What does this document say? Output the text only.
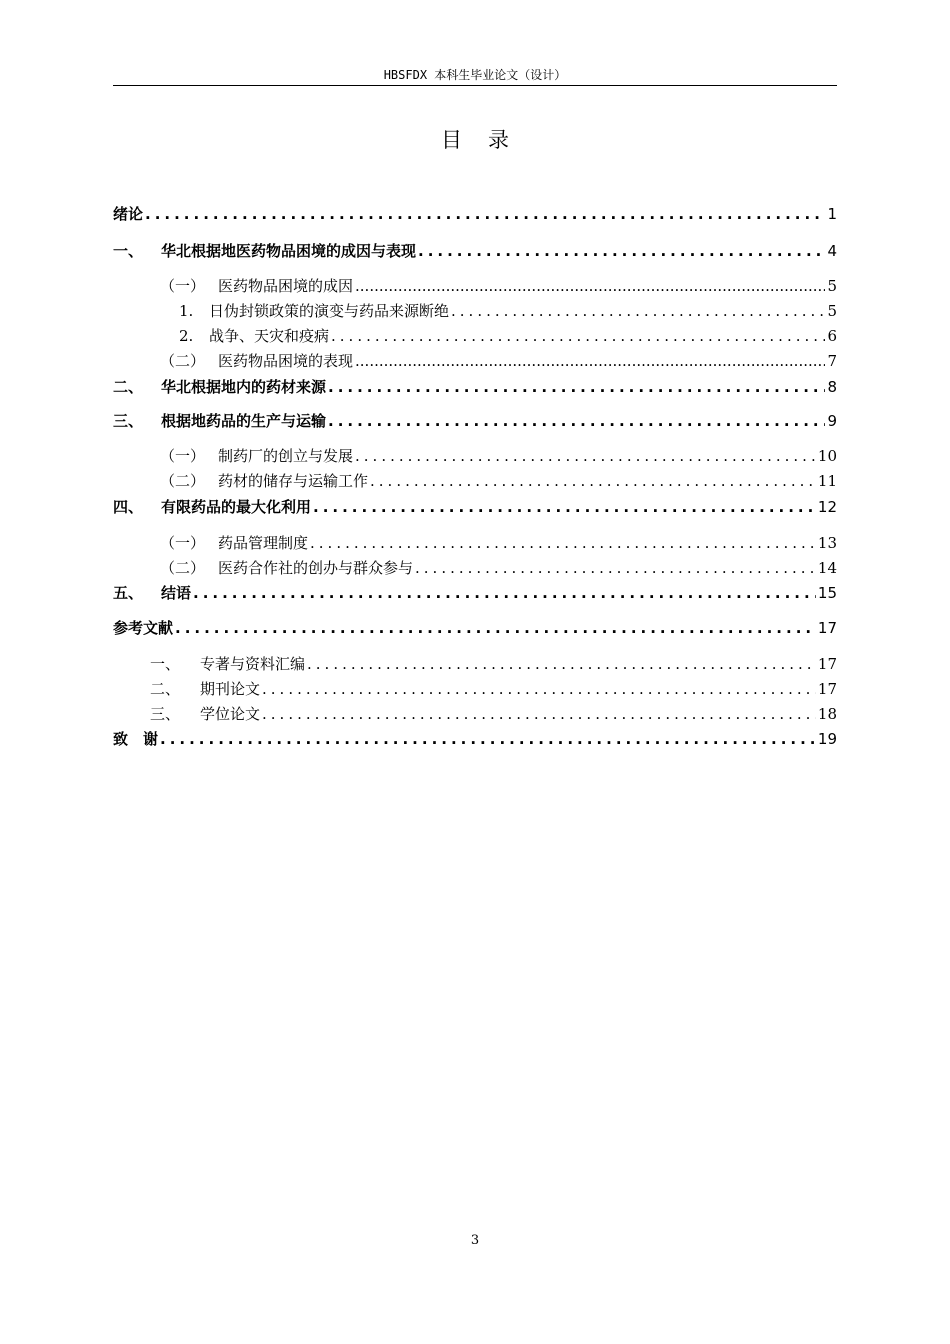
HBSFDX 本科生毕业论文（设计）
目录
绪论 .....	1
一、	华北根据地医药物品困境的成因与表现 .....	4
（一） 医药物品困境的成因 .....	5
1.	日伪封锁政策的演变与药品来源断绝 .....	5
2.	战争、天灾和疫病 .....	6
（二） 医药物品困境的表现 .....	7
二、	华北根据地内的药材来源 .....	8
三、	根据地药品的生产与运输 .....	9
（一） 制药厂的创立与发展 .....	10
（二） 药材的储存与运输工作 .....	11
四、	有限药品的最大化利用 .....	12
（一） 药品管理制度 .....	13
（二） 医药合作社的创办与群众参与 .....	14
五、	结语 .....	15
参考文献 .....	17
一、	专著与资料汇编 .....	17
二、	期刊论文 .....	17
三、	学位论文 .....	18
致　谢 .....	19
3
